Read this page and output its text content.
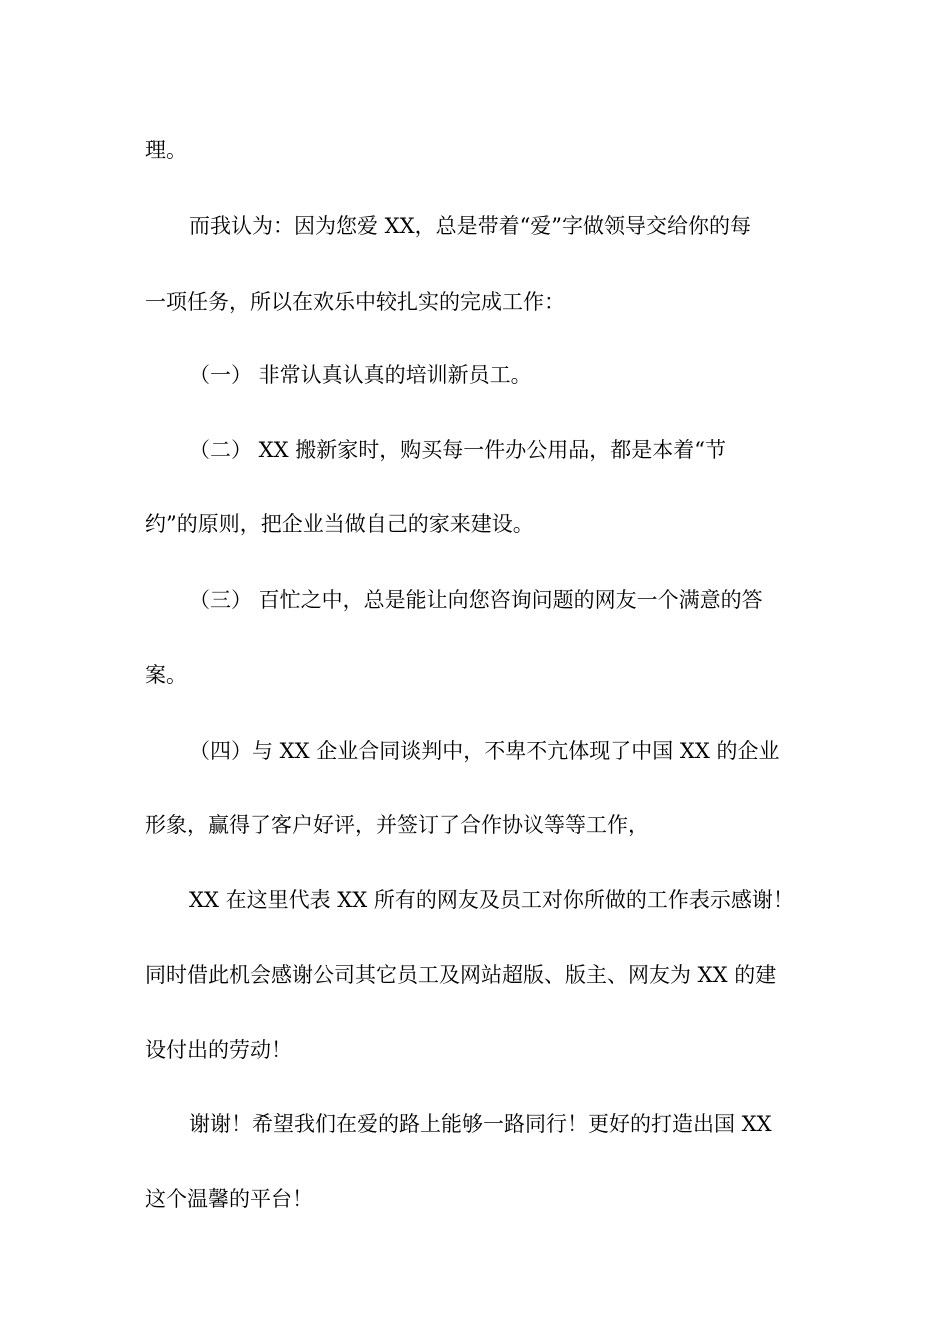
理。
而我认为：因为您爱 XX，总是带着“爱”字做领导交给你的每
一项任务，所以在欢乐中较扎实的完成工作：
（一） 非常认真认真的培训新员工。
（二） XX 搬新家时，购买每一件办公用品，都是本着“节
约”的原则，把企业当做自己的家来建设。
（三） 百忙之中，总是能让向您咨询问题的网友一个满意的答
案。
（四）与 XX 企业合同谈判中，不卑不亢体现了中国 XX 的企业
形象，赢得了客户好评，并签订了合作协议等等工作，
XX 在这里代表 XX 所有的网友及员工对你所做的工作表示感谢！
同时借此机会感谢公司其它员工及网站超版、版主、网友为 XX 的建
设付出的劳动！
谢谢！希望我们在爱的路上能够一路同行！更好的打造出国 XX
这个温馨的平台！
